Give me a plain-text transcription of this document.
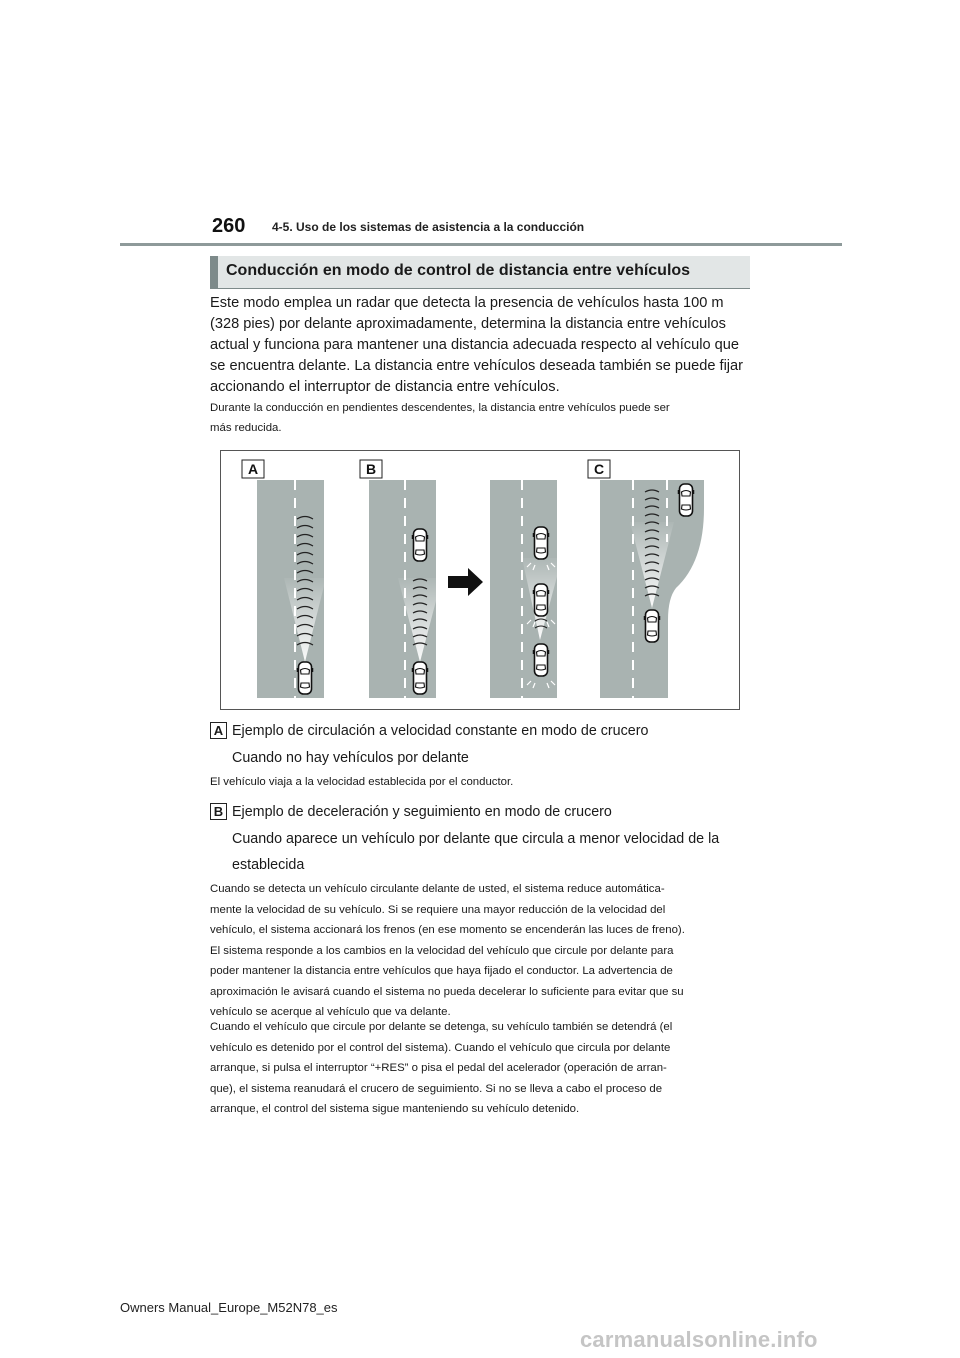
260 4-5. Uso de los sistemas de asistencia a la conducción
Conducción en modo de control de distancia entre vehículos
Este modo emplea un radar que detecta la presencia de vehículos hasta 100 m
(328 pies) por delante aproximadamente, determina la distancia entre vehículos
actual y funciona para mantener una distancia adecuada respecto al vehículo que
se encuentra delante. La distancia entre vehículos deseada también se puede fijar
accionando el interruptor de distancia entre vehículos.
Durante la conducción en pendientes descendentes, la distancia entre vehículos puede ser
más reducida.
A	B	C
A Ejemplo de circulación a velocidad constante en modo de crucero
Cuando no hay vehículos por delante
El vehículo viaja a la velocidad establecida por el conductor.
B Ejemplo de deceleración y seguimiento en modo de crucero
Cuando aparece un vehículo por delante que circula a menor velocidad de la
establecida
Cuando se detecta un vehículo circulante delante de usted, el sistema reduce automática-
mente la velocidad de su vehículo. Si se requiere una mayor reducción de la velocidad del
vehículo, el sistema accionará los frenos (en ese momento se encenderán las luces de freno).
El sistema responde a los cambios en la velocidad del vehículo que circule por delante para
poder mantener la distancia entre vehículos que haya fijado el conductor. La advertencia de
aproximación le avisará cuando el sistema no pueda decelerar lo suficiente para evitar que su
vehículo se acerque al vehículo que va delante.
Cuando el vehículo que circule por delante se detenga, su vehículo también se detendrá (el
vehículo es detenido por el control del sistema). Cuando el vehículo que circula por delante
arranque, si pulsa el interruptor “+RES” o pisa el pedal del acelerador (operación de arran-
que), el sistema reanudará el crucero de seguimiento. Si no se lleva a cabo el proceso de
arranque, el control del sistema sigue manteniendo su vehículo detenido.
Owners Manual_Europe_M52N78_es
carmanualsonline.info
